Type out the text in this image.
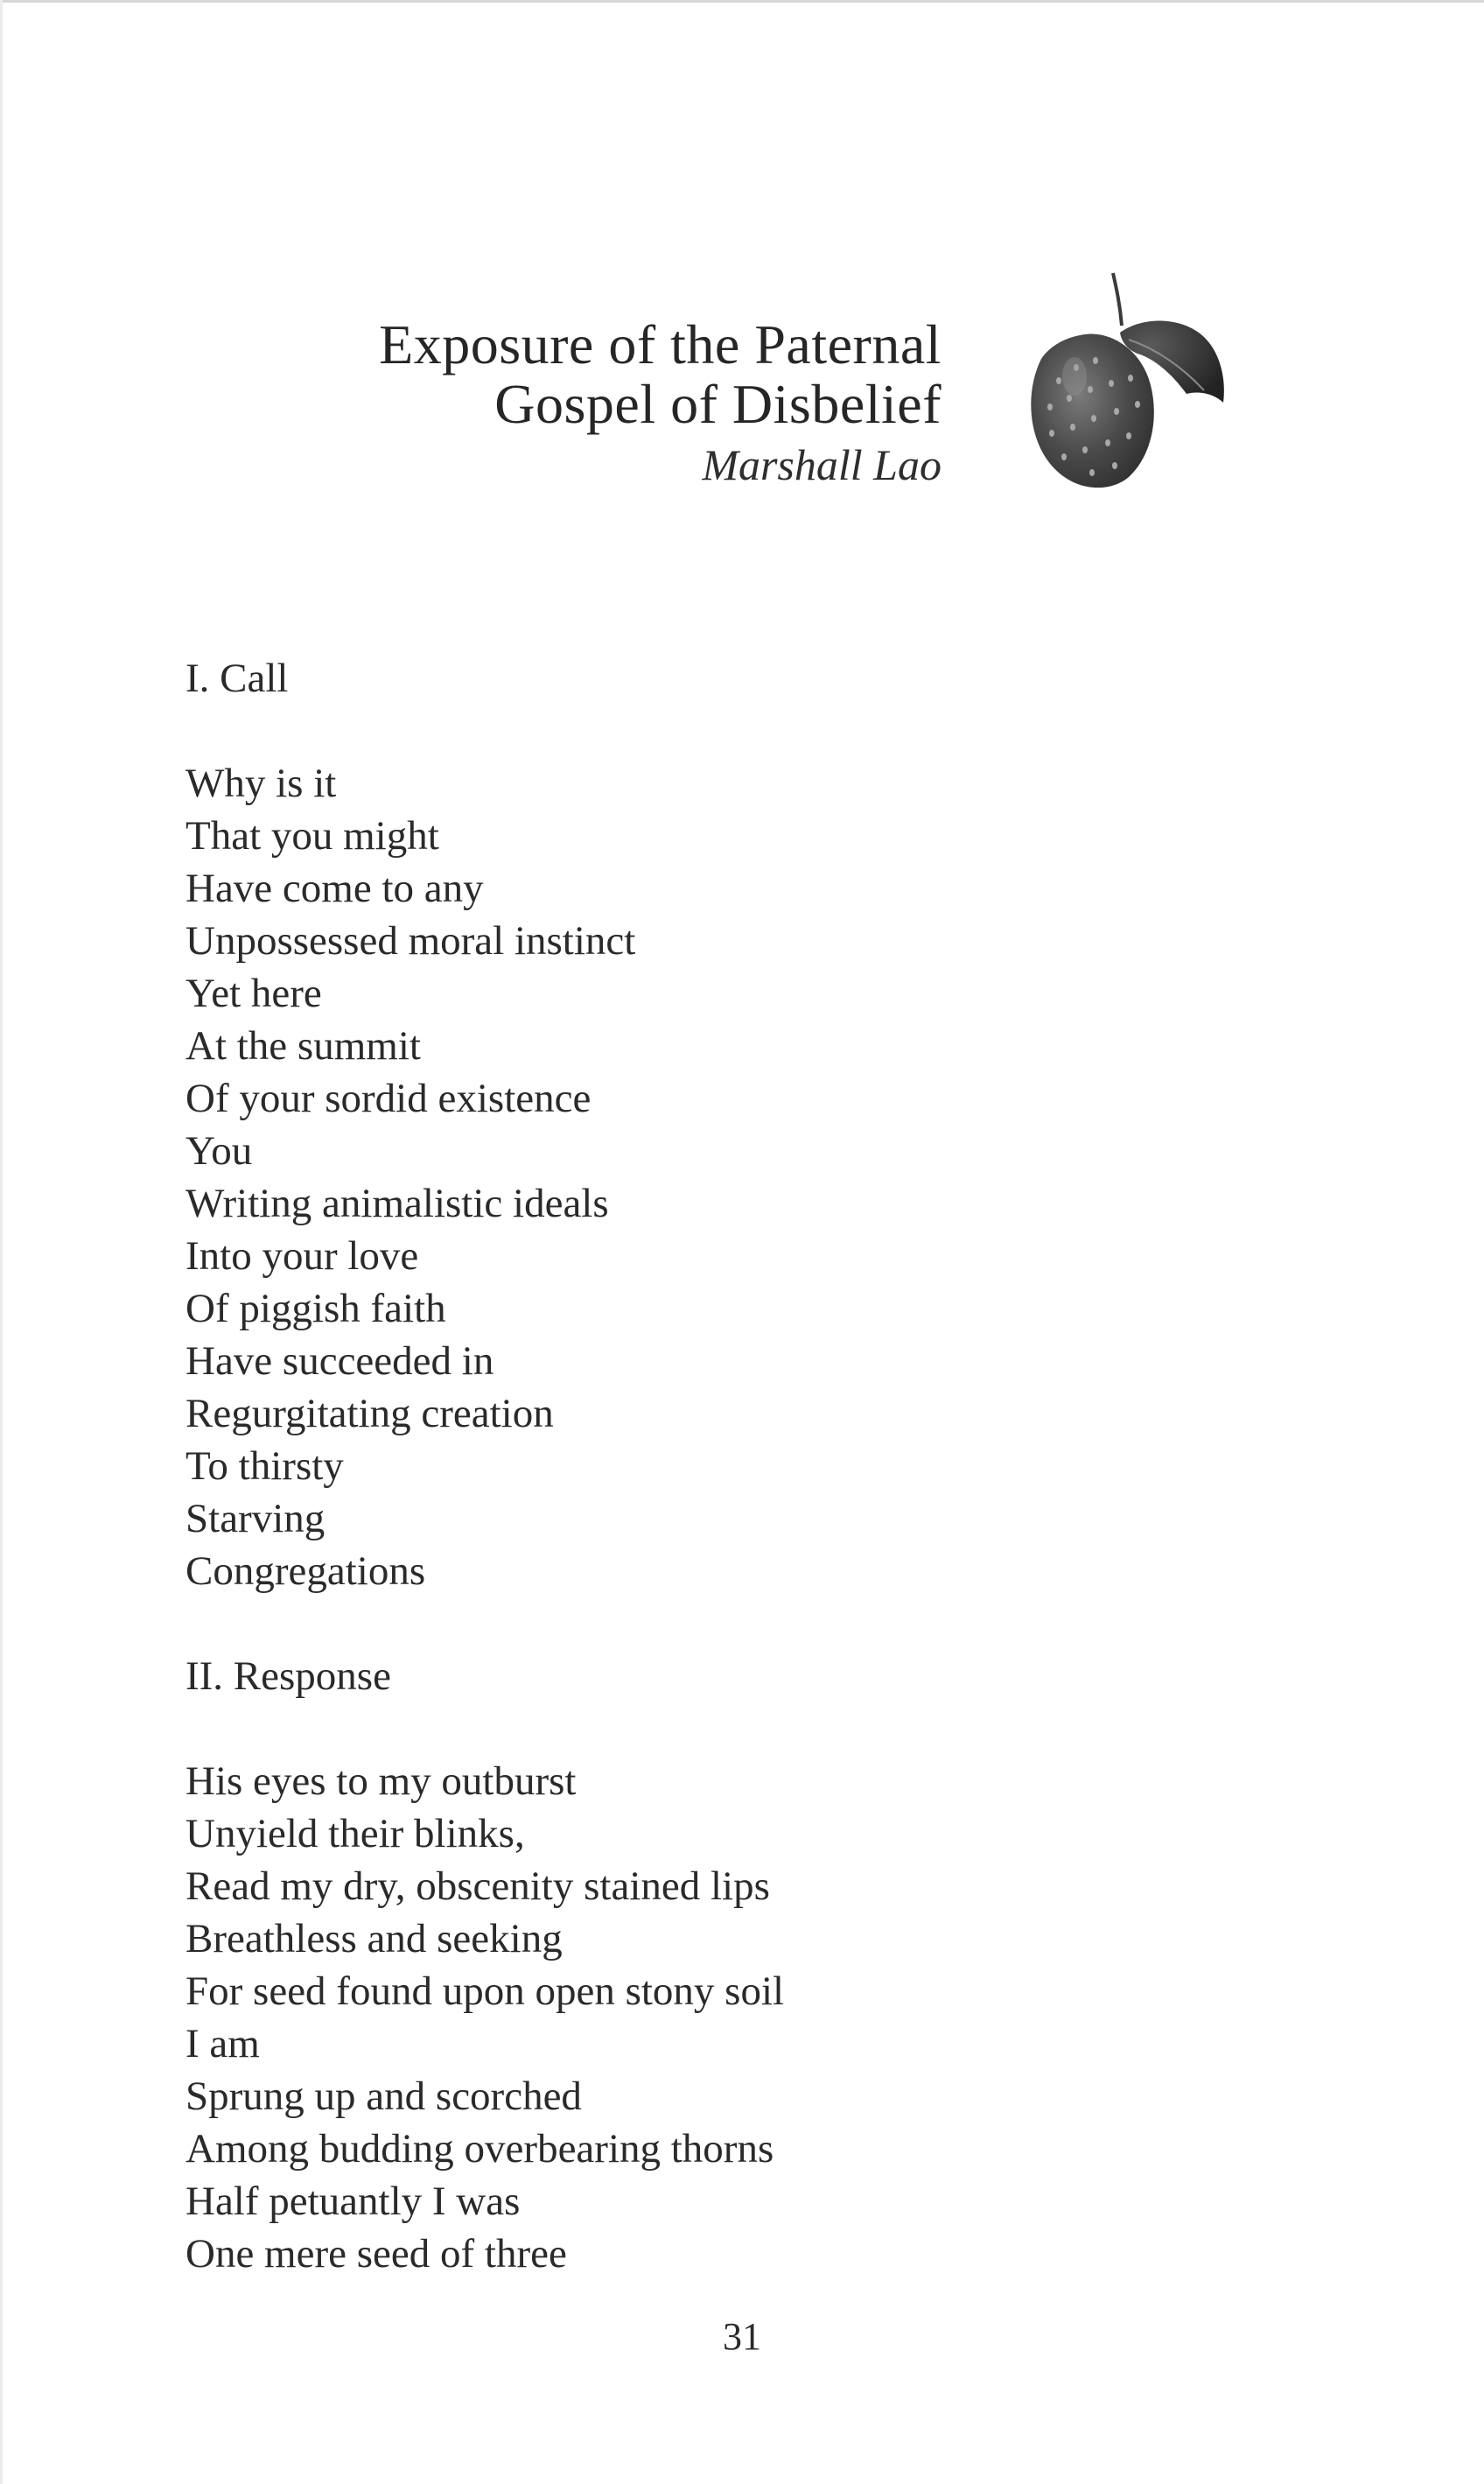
Exposure of the Paternal
Gospel of Disbelief
Marshall Lao
I. Call
Why is it
That you might
Have come to any
Unpossessed moral instinct
Yet here
At the summit
Of your sordid existence
You
Writing animalistic ideals
Into your love
Of piggish faith
Have succeeded in
Regurgitating creation
To thirsty
Starving
Congregations
II. Response
His eyes to my outburst
Unyield their blinks,
Read my dry, obscenity stained lips
Breathless and seeking
For seed found upon open stony soil
I am
Sprung up and scorched
Among budding overbearing thorns
Half petuantly I was
One mere seed of three
31
